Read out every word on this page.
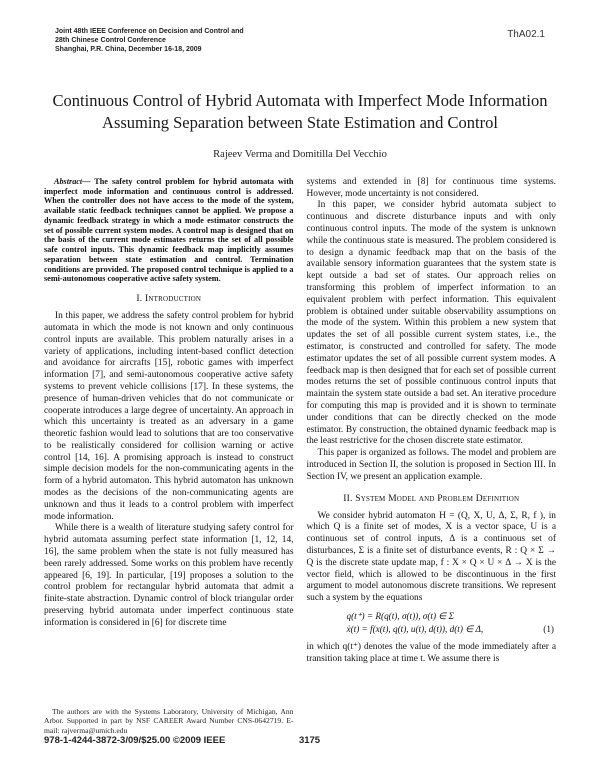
Joint 48th IEEE Conference on Decision and Control and
28th Chinese Control Conference
Shanghai, P.R. China, December 16-18, 2009
ThA02.1
Continuous Control of Hybrid Automata with Imperfect Mode Information Assuming Separation between State Estimation and Control
Rajeev Verma and Domitilla Del Vecchio

Abstract— The safety control problem for hybrid automata with imperfect mode information and continuous control is addressed. When the controller does not have access to the mode of the system, available static feedback techniques cannot be applied. We propose a dynamic feedback strategy in which a mode estimator constructs the set of possible current system modes. A control map is designed that on the basis of the current mode estimates returns the set of all possible safe control inputs. This dynamic feedback map implicitly assumes separation between state estimation and control. Termination conditions are provided. The proposed control technique is applied to a semi-autonomous cooperative active safety system.

I. Introduction

In this paper, we address the safety control problem for hybrid automata in which the mode is not known and only continuous control inputs are available. This problem naturally arises in a variety of applications, including intent-based conflict detection and avoidance for aircrafts [15], robotic games with imperfect information [7], and semi-autonomous cooperative active safety systems to prevent vehicle collisions [17]. In these systems, the presence of human-driven vehicles that do not communicate or cooperate introduces a large degree of uncertainty. An approach in which this uncertainty is treated as an adversary in a game theoretic fashion would lead to solutions that are too conservative to be realistically considered for collision warning or active control [14, 16]. A promising approach is instead to construct simple decision models for the non-communicating agents in the form of a hybrid automaton. This hybrid automaton has unknown modes as the decisions of the non-communicating agents are unknown and thus it leads to a control problem with imperfect mode information.

While there is a wealth of literature studying safety control for hybrid automata assuming perfect state information [1, 12, 14, 16], the same problem when the state is not fully measured has been rarely addressed. Some works on this problem have recently appeared [6, 19]. In particular, [19] proposes a solution to the control problem for rectangular hybrid automata that admit a finite-state abstraction. Dynamic control of block triangular order preserving hybrid automata under imperfect continuous state information is considered in [6] for discrete time

The authors are with the Systems Laboratory, University of Michigan, Ann Arbor. Supported in part by NSF CAREER Award Number CNS-0642719. E-mail: rajverma@umich.edu

systems and extended in [8] for continuous time systems. However, mode uncertainty is not considered.

In this paper, we consider hybrid automata subject to continuous and discrete disturbance inputs and with only continuous control inputs. The mode of the system is unknown while the continuous state is measured. The problem considered is to design a dynamic feedback map that on the basis of the available sensory information guarantees that the system state is kept outside a bad set of states. Our approach relies on transforming this problem of imperfect information to an equivalent problem with perfect information. This equivalent problem is obtained under suitable observability assumptions on the mode of the system. Within this problem a new system that updates the set of all possible current system states, i.e., the estimator, is constructed and controlled for safety. The mode estimator updates the set of all possible current system modes. A feedback map is then designed that for each set of possible current modes returns the set of possible continuous control inputs that maintain the system state outside a bad set. An iterative procedure for computing this map is provided and it is shown to terminate under conditions that can be directly checked on the mode estimator. By construction, the obtained dynamic feedback map is the least restrictive for the chosen discrete state estimator.

This paper is organized as follows. The model and problem are introduced in Section II, the solution is proposed in Section III. In Section IV, we present an application example.

II. System Model and Problem Definition

We consider hybrid automaton H = (Q, X, U, Δ, Σ, R, f ), in which Q is a finite set of modes, X is a vector space, U is a continuous set of control inputs, Δ is a continuous set of disturbances, Σ is a finite set of disturbance events, R : Q × Σ → Q is the discrete state update map, f : X × Q × U × Δ → X is the vector field, which is allowed to be discontinuous in the first argument to model autonomous discrete transitions. We represent such a system by the equations

q(t⁺) = R(q(t), σ(t)), σ(t) ∈ Σ
ẋ(t) = f(x(t), q(t), u(t), d(t)), d(t) ∈ Δ,	(1)

in which q(t⁺) denotes the value of the mode immediately after a transition taking place at time t. We assume there is

978-1-4244-3872-3/09/$25.00 ©2009 IEEE	3175
